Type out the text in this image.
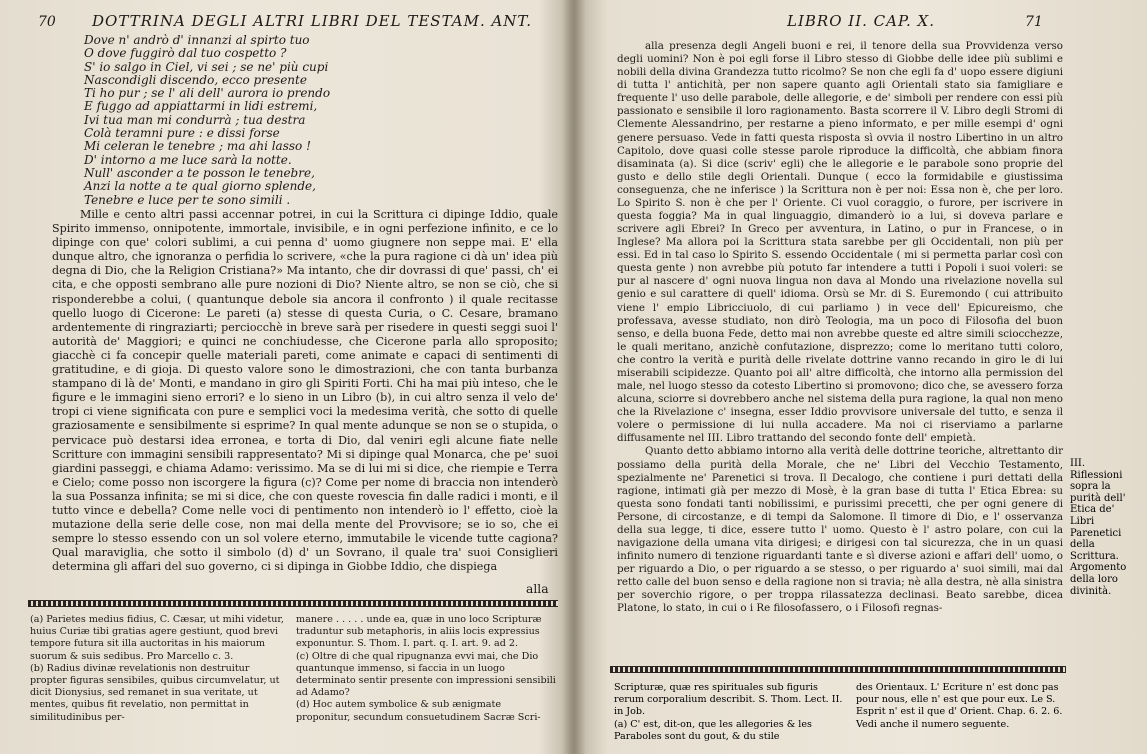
70 DOTTRINA DEGLI ALTRI LIBRI DEL TESTAM. ANT.
Dove n' andrò d' innanzi al spirto tuo
O dove fuggirò dal tuo cospetto ?
S' io salgo in Ciel, vi sei ; se ne' più cupi
Nascondigli discendo, ecco presente
Ti ho pur ; se l' ali dell' aurora io prendo
E fuggo ad appiattarmi in lidi estremi,
Ivi tua man mi condurrà ; tua destra
Colà teramni pure : e dissi forse
Mi celeran le tenebre ; ma ahi lasso !
D' intorno a me luce sarà la notte.
Null' asconder a te posson le tenebre,
Anzi la notte a te qual giorno splende,
Tenebre e luce per te sono simili .

Mille e cento altri passi accennar potrei, in cui la Scrittura ci dipinge Iddio, quale Spirito immenso, onnipotente, immortale, invisibile, e in ogni perfezione infinito, e ce lo dipinge con que' colori sublimi, a cui penna d' uomo giugnere non seppe mai. E' ella dunque altro, che ignoranza o perfidia lo scrivere, «che la pura ragione ci dà un' idea più degna di Dio, che la Religion Cristiana?» Ma intanto, che dir dovrassi di que' passi, ch' ei cita, e che opposti sembrano alle pure nozioni di Dio? Niente altro, se non se ciò, che si risponderebbe a colui, ( quantunque debole sia ancora il confronto ) il quale recitasse quello luogo di Cicerone: Le pareti (a) stesse di questa Curia, o C. Cesare, bramano ardentemente di ringraziarti; perciocchè in breve sarà per risedere in questi seggi suoi l' autorità de' Maggiori; e quinci ne conchiudesse, che Cicerone parla allo sproposito; giacchè ci fa concepir quelle materiali pareti, come animate e capaci di sentimenti di gratitudine, e di gioja. Di questo valore sono le dimostrazioni, che con tanta burbanza stampano di là de' Monti, e mandano in giro gli Spiriti Forti. Chi ha mai più inteso, che le figure e le immagini sieno errori? e lo sieno in un Libro (b), in cui altro senza il velo de' tropi ci viene significata con pure e semplici voci la medesima verità, che sotto di quelle graziosamente e sensibilmente si esprime? In qual mente adunque se non se o stupida, o pervicace può destarsi idea erronea, e torta di Dio, dal veniri egli alcune fiate nelle Scritture con immagini sensibili rappresentato? Mi si dipinge qual Monarca, che pe' suoi giardini passeggi, e chiama Adamo: verissimo. Ma se di lui mi si dice, che riempie e Terra e Cielo; come posso non iscorgere la figura (c)? Come per nome di braccia non intenderò la sua Possanza infinita; se mi si dice, che con queste rovescia fin dalle radici i monti, e il tutto vince e debella? Come nelle voci di pentimento non intenderò io l' effetto, cioè la mutazione della serie delle cose, non mai della mente del Provvisore; se io so, che ei sempre lo stesso essendo con un sol volere eterno, immutabile le vicende tutte cagiona? Qual maraviglia, che sotto il simbolo (d) d' un Sovrano, il quale tra' suoi Consiglieri determina gli affari del suo governo, ci si dipinga in Giobbe Iddio, che dispiega

alla
(a) Parietes medius fidius, C. Cæsar, ut mihi videtur, huius Curiæ tibi gratias agere gestiunt, quod brevi tempore futura sit illa auctoritas in his maiorum suorum & suis sedibus. Pro Marcello c. 3.
(b) Radius divinæ revelationis non destruitur propter figuras sensibiles, quibus circumvelatur, ut dicit Dionysius, sed remanet in sua veritate, ut mentes, quibus fit revelatio, non permittat in similitudinibus per-
manere . . . . . unde ea, quæ in uno loco Scripturæ traduntur sub metaphoris, in aliis locis expressius exponuntur. S. Thom. I. part. q. I. art. 9. ad 2.
(c) Oltre di che qual ripugnanza evvi mai, che Dio quantunque immenso, si faccia in un luogo determinato sentir presente con impressioni sensibili ad Adamo?
(d) Hoc autem symbolice & sub ænigmate proponitur, secundum consuetudinem Sacræ Scri-
LIBRO II. CAP. X.	71

alla presenza degli Angeli buoni e rei, il tenore della sua Provvidenza verso degli uomini? Non è poi egli forse il Libro stesso di Giobbe delle idee più sublimi e nobili della divina Grandezza tutto ricolmo? Se non che egli fa d' uopo essere digiuni di tutta l' antichità, per non sapere quanto agli Orientali stato sia famigliare e frequente l' uso delle parabole, delle allegorie, e de' simboli per rendere con essi più passionato e sensibile il loro ragionamento. Basta scorrere il V. Libro degli Stromi di Clemente Alessandrino, per restarne a pieno informato, e per mille esempi d' ogni genere persuaso. Vede in fatti questa risposta sì ovvia il nostro Libertino in un altro Capitolo, dove quasi colle stesse parole riproduce la difficoltà, che abbiam finora disaminata (a). Si dice (scriv' egli) che le allegorie e le parabole sono proprie del gusto e dello stile degli Orientali. Dunque ( ecco la formidabile e giustissima conseguenza, che ne inferisce ) la Scrittura non è per noi: Essa non è, che per loro. Lo Spirito S. non è che per l' Oriente. Ci vuol coraggio, o furore, per iscrivere in questa foggia? Ma in qual linguaggio, dimanderò io a lui, si doveva parlare e scrivere agli Ebrei? In Greco per avventura, in Latino, o pur in Francese, o in Inglese? Ma allora poi la Scrittura stata sarebbe per gli Occidentali, non più per essi. Ed in tal caso lo Spirito S. essendo Occidentale ( mi si permetta parlar così con questa gente ) non avrebbe più potuto far intendere a tutti i Popoli i suoi voleri: se pur al nascere d' ogni nuova lingua non dava al Mondo una rivelazione novella sul genio e sul carattere di quell' idioma. Orsù se Mr. di S. Euremondo ( cui attribuito viene l' empio Libricciuolo, di cui parliamo ) in vece dell' Epicureismo, che professava, avesse studiato, non dirò Teologia, ma un poco di Filosofia del buon senso, e della buona Fede, detto mai non avrebbe queste ed altre simili sciocchezze, le quali meritano, anzichè confutazione, disprezzo; come lo meritano tutti coloro, che contro la verità e purità delle rivelate dottrine vanno recando in giro le di lui miserabili scipidezze. Quanto poi all' altre difficoltà, che intorno alla permission del male, nel luogo stesso da cotesto Libertino si promovono; dico che, se avessero forza alcuna, sciorre si dovrebbero anche nel sistema della pura ragione, la qual non meno che la Rivelazione c' insegna, esser Iddio provvisore universale del tutto, e senza il volere o permissione di lui nulla accadere. Ma noi ci riserviamo a parlarne diffusamente nel III. Libro trattando del secondo fonte dell' empietà.

Quanto detto abbiamo intorno alla verità delle dottrine teoriche, altrettanto dir possiamo della purità della Morale, che ne' Libri del Vecchio Testamento, spezialmente ne' Parenetici si trova. Il Decalogo, che contiene i puri dettati della ragione, intimati già per mezzo di Mosè, è la gran base di tutta l' Etica Ebrea: su questa sono fondati tanti nobilissimi, e purissimi precetti, che per ogni genere di Persone, di circostanze, e di tempi da Salomone. Il timore di Dio, e l' osservanza della sua legge, ti dice, essere tutto l' uomo. Questo è l' astro polare, con cui la navigazione della umana vita dirigesi; e dirigesi con tal sicurezza, che in un quasi infinito numero di tenzione riguardanti tante e sì diverse azioni e affari dell' uomo, o per riguardo a Dio, o per riguardo a se stesso, o per riguardo a' suoi simili, mai dal retto calle del buon senso e della ragione non si travia; nè alla destra, nè alla sinistra per soverchio rigore, o per troppa rilassatezza declinasi. Beato sarebbe, dicea Platone, lo stato, in cui o i Re filosofassero, o i Filosofi regnas-

III. Riflessioni sopra la purità dell' Etica de' Libri Parenetici della Scrittura. Argomento della loro divinità.
Scripturæ, quæ res spirituales sub figuris rerum corporalium describit. S. Thom. Lect. II. in Job.
(a) C' est, dit-on, que les allegories & les Paraboles sont du gout, & du stile
des Orientaux. L' Ecriture n' est donc pas pour nous, elle n' est que pour eux. Le S. Esprit n' est il que d' Orient. Chap. 6. 2. 6. Vedi anche il numero seguente.
